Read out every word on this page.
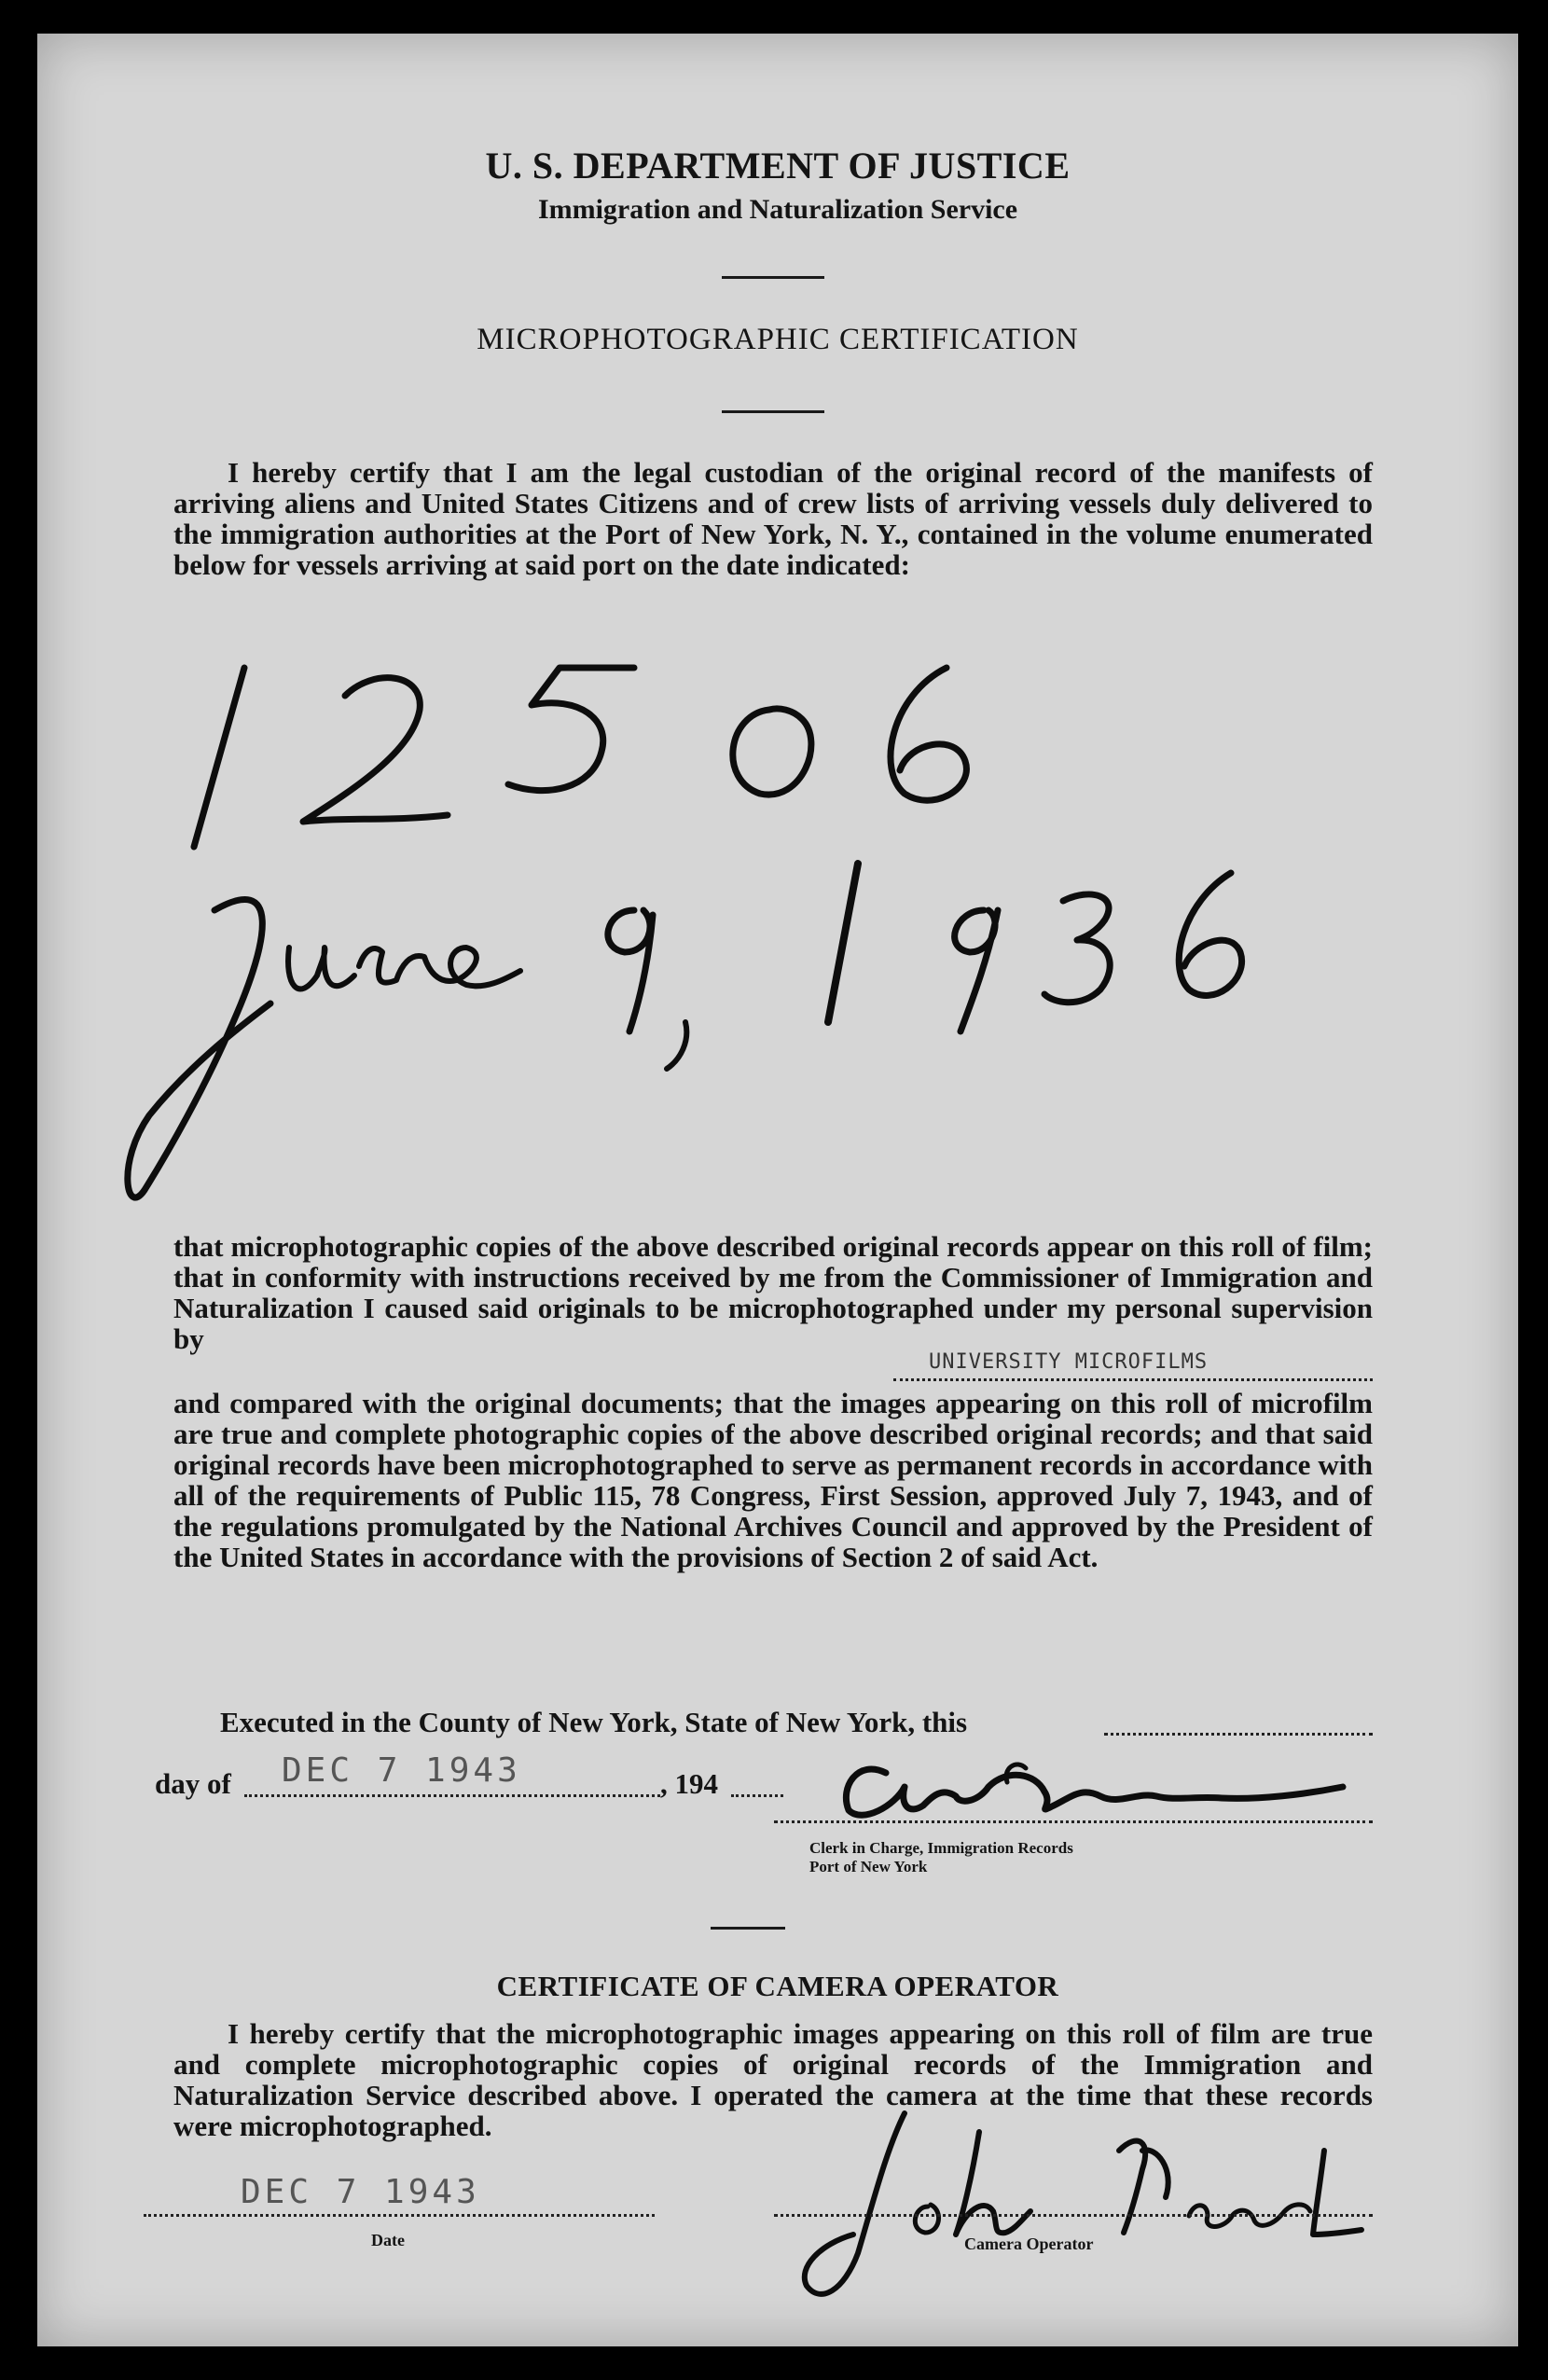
U. S. DEPARTMENT OF JUSTICE
Immigration and Naturalization Service
MICROPHOTOGRAPHIC CERTIFICATION

I hereby certify that I am the legal custodian of the original record of the manifests of arriving aliens and United States Citizens and of crew lists of arriving vessels duly delivered to the immigration authorities at the Port of New York, N. Y., contained in the volume enumerated below for vessels arriving at said port on the date indicated:

that microphotographic copies of the above described original records appear on this roll of film; that in conformity with instructions received by me from the Commissioner of Immigration and Naturalization I caused said originals to be microphotographed under my personal supervision by

UNIVERSITY MICROFILMS

and compared with the original documents; that the images appearing on this roll of microfilm are true and complete photographic copies of the above described original records; and that said original records have been microphotographed to serve as permanent records in accordance with all of the requirements of Public 115, 78 Congress, First Session, approved July 7, 1943, and of the regulations promulgated by the National Archives Council and approved by the President of the United States in accordance with the provisions of Section 2 of said Act.

Executed in the County of New York, State of New York, this
day of DEC 7 1943	, 194
Clerk in Charge, Immigration Records
Port of New York
CERTIFICATE OF CAMERA OPERATOR

I hereby certify that the microphotographic images appearing on this roll of film are true and complete microphotographic copies of original records of the Immigration and Naturalization Service described above. I operated the camera at the time that these records were microphotographed.

DEC 7 1943
Date	Camera Operator
